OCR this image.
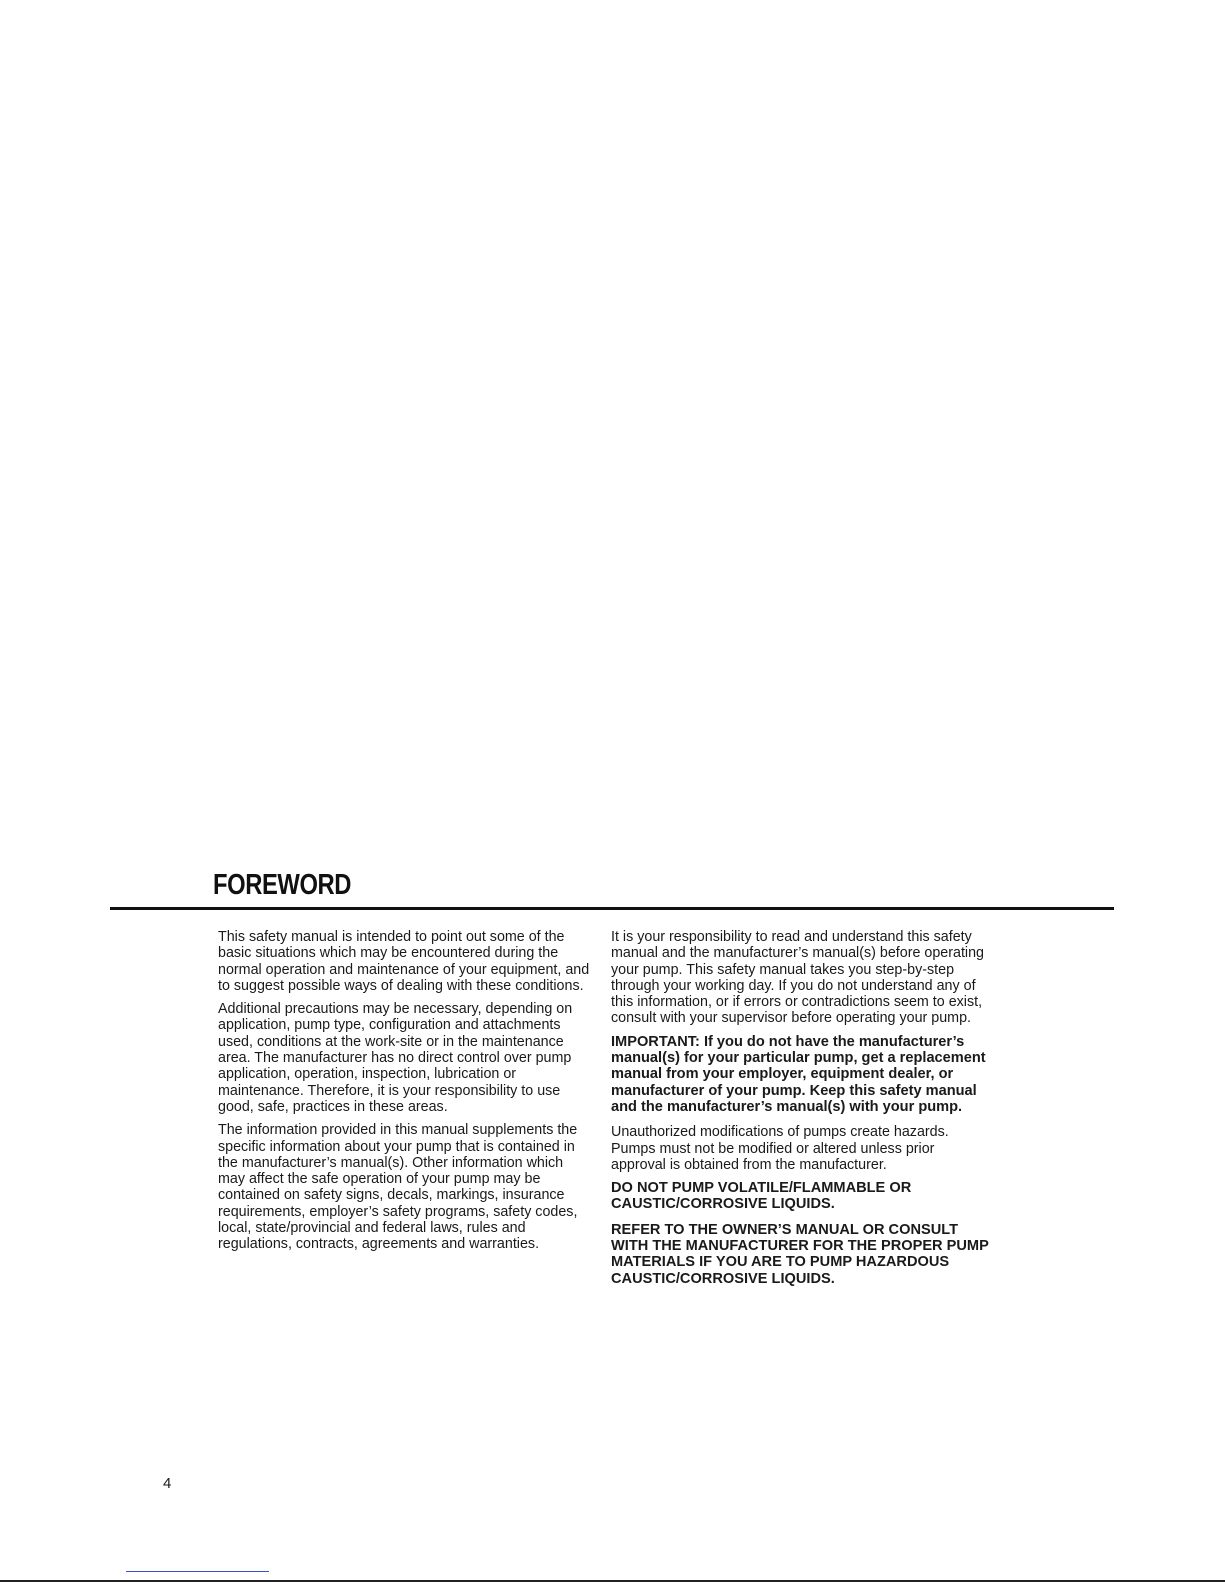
FOREWORD

This safety manual is intended to point out some of the basic situations which may be encountered during the normal operation and maintenance of your equipment, and to suggest possible ways of dealing with these conditions.

Additional precautions may be necessary, depending on application, pump type, configuration and attachments used, conditions at the work-site or in the maintenance area. The manufacturer has no direct control over pump application, operation, inspection, lubrication or maintenance. Therefore, it is your responsibility to use good, safe, practices in these areas.

The information provided in this manual supplements the specific information about your pump that is contained in the manufacturer’s manual(s). Other information which may affect the safe operation of your pump may be contained on safety signs, decals, markings, insurance requirements, employer’s safety programs, safety codes, local, state/provincial and federal laws, rules and regulations, contracts, agreements and warranties.

It is your responsibility to read and understand this safety manual and the manufacturer’s manual(s) before operating your pump. This safety manual takes you step-by-step through your working day. If you do not understand any of this information, or if errors or contradictions seem to exist, consult with your supervisor before operating your pump.

IMPORTANT: If you do not have the manufacturer’s manual(s) for your particular pump, get a replacement manual from your employer, equipment dealer, or manufacturer of your pump. Keep this safety manual and the manufacturer’s manual(s) with your pump.

Unauthorized modifications of pumps create hazards. Pumps must not be modified or altered unless prior approval is obtained from the manufacturer.

DO NOT PUMP VOLATILE/FLAMMABLE OR CAUSTIC/CORROSIVE LIQUIDS.

REFER TO THE OWNER’S MANUAL OR CONSULT WITH THE MANUFACTURER FOR THE PROPER PUMP MATERIALS IF YOU ARE TO PUMP HAZARDOUS CAUSTIC/CORROSIVE LIQUIDS.

4
